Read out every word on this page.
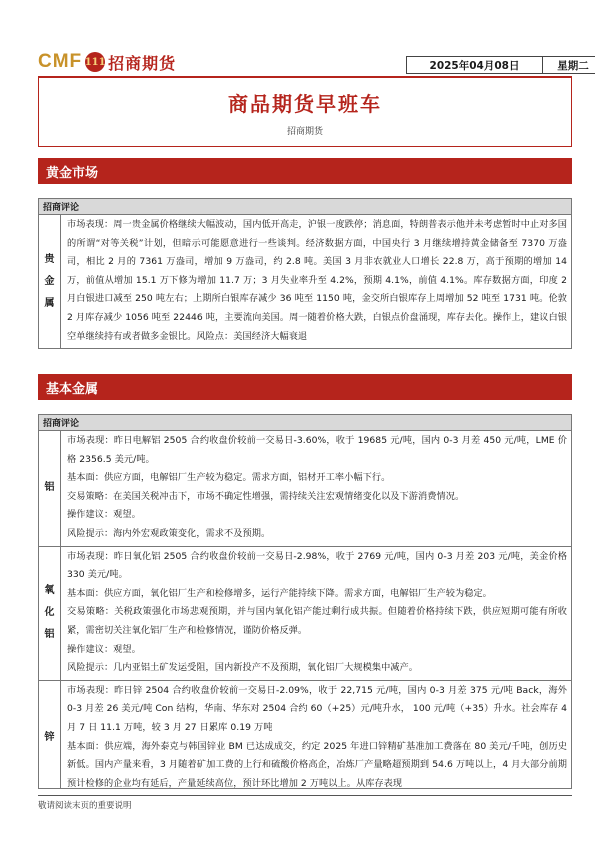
CMF 111 招商期货	2025年04月08日	星期二
商品期货早班车
招商期货
黄金市场
招商评论
贵金属

市场表现：周一贵金属价格继续大幅波动，国内低开高走，沪银一度跌停；消息面，特朗普表示他并未考虑暂时中止对多国的所谓“对等关税”计划，但暗示可能愿意进行一些谈判。经济数据方面，中国央行 3 月继续增持黄金储备至 7370 万盎司，相比 2 月的 7361 万盎司，增加 9 万盎司，约 2.8 吨。美国 3 月非农就业人口增长 22.8 万，高于预期的增加 14 万，前值从增加 15.1 万下修为增加 11.7 万；3 月失业率升至 4.2%，预期 4.1%，前值 4.1%。库存数据方面，印度 2 月白银进口减至 250 吨左右；上期所白银库存减少 36 吨至 1150 吨，金交所白银库存上周增加 52 吨至 1731 吨。伦敦 2 月库存减少 1056 吨至 22446 吨，主要流向美国。周一随着价格大跌，白银点价盘涌现，库存去化。操作上，建议白银空单继续持有或者做多金银比。风险点：美国经济大幅衰退

基本金属
招商评论
铝

市场表现：昨日电解铝 2505 合约收盘价较前一交易日-3.60%，收于 19685 元/吨，国内 0-3 月差 450 元/吨，LME 价格 2356.5 美元/吨。

基本面：供应方面，电解铝厂生产较为稳定。需求方面，铝材开工率小幅下行。

交易策略：在美国关税冲击下，市场不确定性增强，需持续关注宏观情绪变化以及下游消费情况。

操作建议：观望。

风险提示：海内外宏观政策变化，需求不及预期。

氧化铝

市场表现：昨日氧化铝 2505 合约收盘价较前一交易日-2.98%，收于 2769 元/吨，国内 0-3 月差 203 元/吨，美金价格 330 美元/吨。

基本面：供应方面，氧化铝厂生产和检修增多，运行产能持续下降。需求方面，电解铝厂生产较为稳定。

交易策略：关税政策强化市场悲观预期，并与国内氧化铝产能过剩行成共振。但随着价格持续下跌，供应短期可能有所收紧，需密切关注氧化铝厂生产和检修情况，谨防价格反弹。

操作建议：观望。

风险提示：几内亚铝土矿发运受阻，国内新投产不及预期，氧化铝厂大规模集中减产。

锌

市场表现：昨日锌 2504 合约收盘价较前一交易日-2.09%，收于 22,715 元/吨，国内 0-3 月差 375 元/吨 Back，海外 0-3 月差 26 美元/吨 Con 结构，华南、华东对 2504 合约 60（+25）元/吨升水， 100 元/吨（+35）升水。社会库存 4 月 7 日 11.1 万吨，较 3 月 27 日累库 0.19 万吨

基本面：供应端，海外泰克与韩国锌业 BM 已达成成交，约定 2025 年进口锌精矿基准加工费落在 80 美元/千吨，创历史新低。国内产量来看，3 月随着矿加工费的上行和硫酸价格高企，冶炼厂产量略超预期到 54.6 万吨以上，4 月大部分前期预计检修的企业均有延后，产量延续高位，预计环比增加 2 万吨以上。从库存表现

敬请阅读末页的重要说明
